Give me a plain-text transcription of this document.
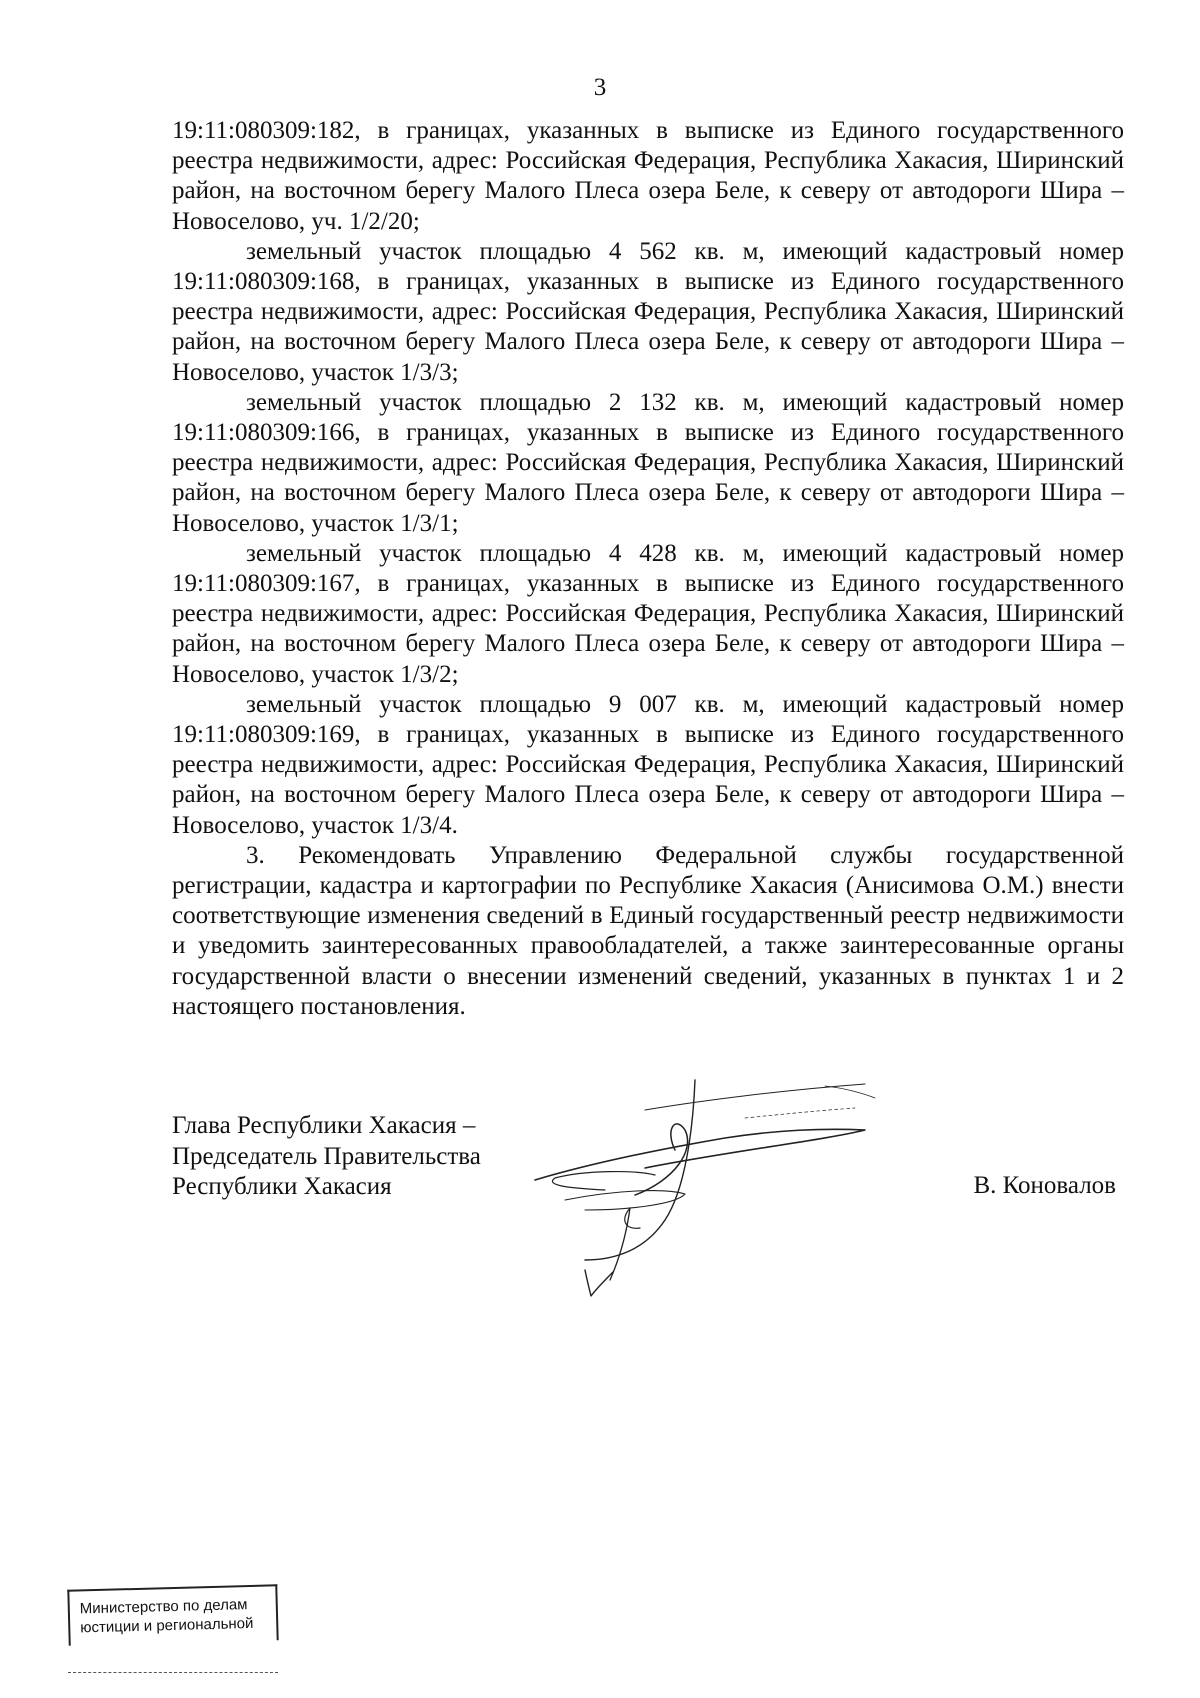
3

19:11:080309:182, в границах, указанных в выписке из Единого государственного реестра недвижимости, адрес: Российская Федерация, Республика Хакасия, Ширинский район, на восточном берегу Малого Плеса озера Беле, к северу от автодороги Шира – Новоселово, уч. 1/2/20;

земельный участок площадью 4 562 кв. м, имеющий кадастровый номер 19:11:080309:168, в границах, указанных в выписке из Единого государственного реестра недвижимости, адрес: Российская Федерация, Республика Хакасия, Ширинский район, на восточном берегу Малого Плеса озера Беле, к северу от автодороги Шира – Новоселово, участок 1/3/3;

земельный участок площадью 2 132 кв. м, имеющий кадастровый номер 19:11:080309:166, в границах, указанных в выписке из Единого государственного реестра недвижимости, адрес: Российская Федерация, Республика Хакасия, Ширинский район, на восточном берегу Малого Плеса озера Беле, к северу от автодороги Шира – Новоселово, участок 1/3/1;

земельный участок площадью 4 428 кв. м, имеющий кадастровый номер 19:11:080309:167, в границах, указанных в выписке из Единого государственного реестра недвижимости, адрес: Российская Федерация, Республика Хакасия, Ширинский район, на восточном берегу Малого Плеса озера Беле, к северу от автодороги Шира – Новоселово, участок 1/3/2;

земельный участок площадью 9 007 кв. м, имеющий кадастровый номер 19:11:080309:169, в границах, указанных в выписке из Единого государственного реестра недвижимости, адрес: Российская Федерация, Республика Хакасия, Ширинский район, на восточном берегу Малого Плеса озера Беле, к северу от автодороги Шира – Новоселово, участок 1/3/4.

3. Рекомендовать Управлению Федеральной службы государственной регистрации, кадастра и картографии по Республике Хакасия (Анисимова О.М.) внести соответствующие изменения сведений в Единый государственный реестр недвижимости и уведомить заинтересованных правообладателей, а также заинтересованные органы государственной власти о внесении изменений сведений, указанных в пунктах 1 и 2 настоящего постановления.

Глава Республики Хакасия –
Председатель Правительства
Республики Хакасия	В. Коновалов
Министерство по делам
юстиции и региональной
